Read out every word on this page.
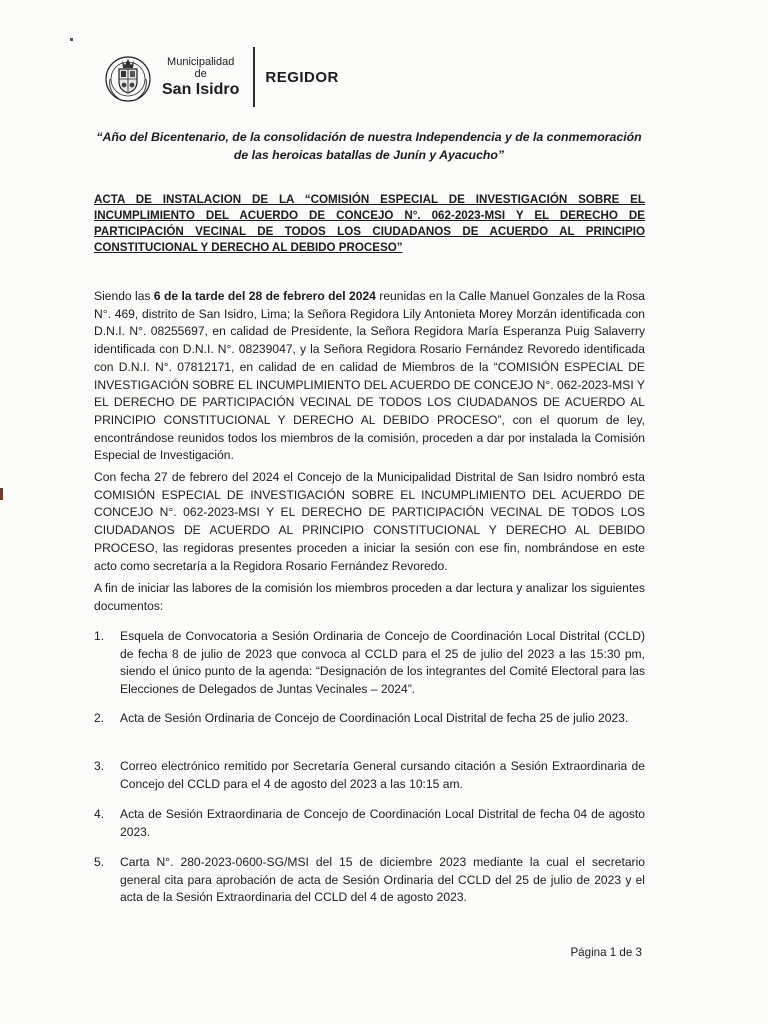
Municipalidad
de
San Isidro
REGIDOR
“Año del Bicentenario, de la consolidación de nuestra Independencia y de la conmemoración
de las heroicas batallas de Junín y Ayacucho”
ACTA DE INSTALACION DE LA “COMISIÓN ESPECIAL DE INVESTIGACIÓN SOBRE EL INCUMPLIMIENTO DEL ACUERDO DE CONCEJO N°. 062-2023-MSI Y EL DERECHO DE PARTICIPACIÓN VECINAL DE TODOS LOS CIUDADANOS DE ACUERDO AL PRINCIPIO CONSTITUCIONAL Y DERECHO AL DEBIDO PROCESO”

Siendo las 6 de la tarde del 28 de febrero del 2024 reunidas en la Calle Manuel Gonzales de la Rosa N°. 469, distrito de San Isidro, Lima; la Señora Regidora Lily Antonieta Morey Morzán identificada con D.N.I. N°. 08255697, en calidad de Presidente, la Señora Regidora María Esperanza Puig Salaverry identificada con D.N.I. N°. 08239047, y la Señora Regidora Rosario Fernández Revoredo identificada con D.N.I. N°. 07812171, en calidad de en calidad de Miembros de la “COMISIÓN ESPECIAL DE INVESTIGACIÓN SOBRE EL INCUMPLIMIENTO DEL ACUERDO DE CONCEJO N°. 062-2023-MSI Y EL DERECHO DE PARTICIPACIÓN VECINAL DE TODOS LOS CIUDADANOS DE ACUERDO AL PRINCIPIO CONSTITUCIONAL Y DERECHO AL DEBIDO PROCESO”, con el quorum de ley, encontrándose reunidos todos los miembros de la comisión, proceden a dar por instalada la Comisión Especial de Investigación.

Con fecha 27 de febrero del 2024 el Concejo de la Municipalidad Distrital de San Isidro nombró esta COMISIÓN ESPECIAL DE INVESTIGACIÓN SOBRE EL INCUMPLIMIENTO DEL ACUERDO DE CONCEJO N°. 062-2023-MSI Y EL DERECHO DE PARTICIPACIÓN VECINAL DE TODOS LOS CIUDADANOS DE ACUERDO AL PRINCIPIO CONSTITUCIONAL Y DERECHO AL DEBIDO PROCESO, las regidoras presentes proceden a iniciar la sesión con ese fin, nombrándose en este acto como secretaría a la Regidora Rosario Fernández Revoredo.

A fin de iniciar las labores de la comisión los miembros proceden a dar lectura y analizar los siguientes documentos:

1.	Esquela de Convocatoria a Sesión Ordinaria de Concejo de Coordinación Local Distrital (CCLD) de fecha 8 de julio de 2023 que convoca al CCLD para el 25 de julio del 2023 a las 15:30 pm, siendo el único punto de la agenda: “Designación de los integrantes del Comité Electoral para las Elecciones de Delegados de Juntas Vecinales – 2024”.
2.	Acta de Sesión Ordinaria de Concejo de Coordinación Local Distrital de fecha 25 de julio 2023.
3.	Correo electrónico remitido por Secretaría General cursando citación a Sesión Extraordinaria de Concejo del CCLD para el 4 de agosto del 2023 a las 10:15 am.
4.	Acta de Sesión Extraordinaria de Concejo de Coordinación Local Distrital de fecha 04 de agosto 2023.
5.	Carta N°. 280-2023-0600-SG/MSI del 15 de diciembre 2023 mediante la cual el secretario general cita para aprobación de acta de Sesión Ordinaria del CCLD del 25 de julio de 2023 y el acta de la Sesión Extraordinaria del CCLD del 4 de agosto 2023.
Página 1 de 3
